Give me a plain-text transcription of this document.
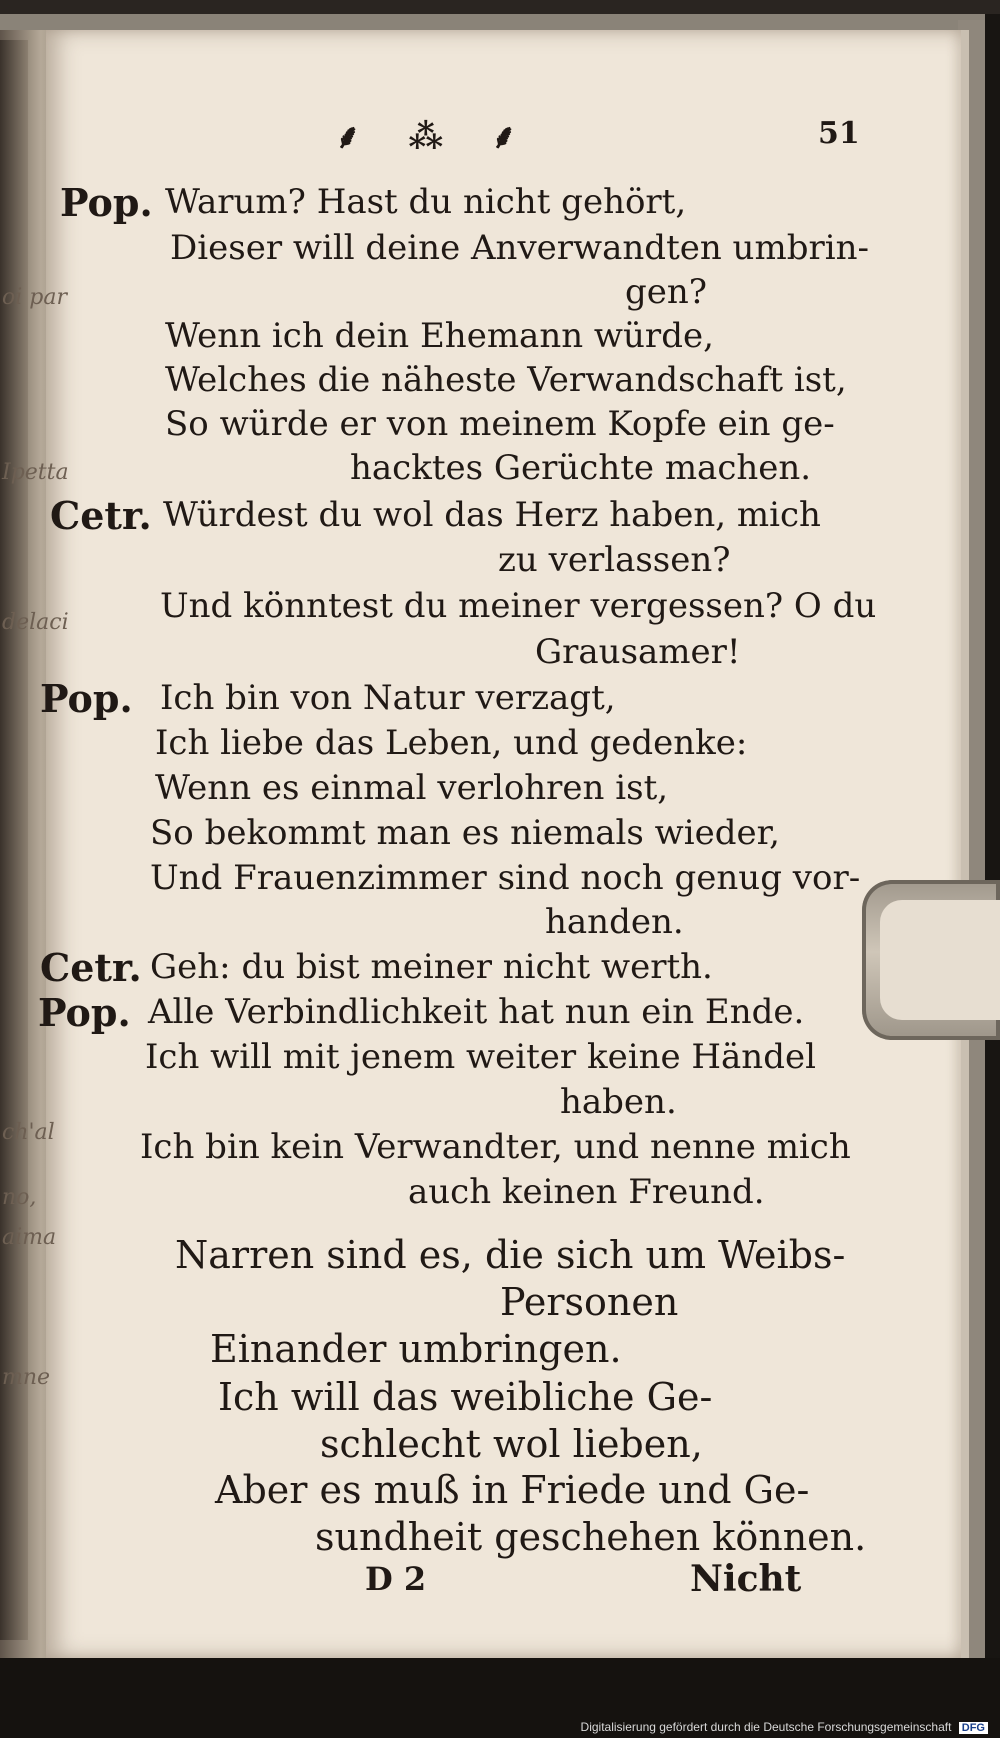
oi par
Ipetta
delaci
ch'al
no,
aima
mne
⸙ ⁂ ⸙	51
Pop. Warum? Hast du nicht gehört,
Dieser will deine Anverwandten umbrin-
gen?
Wenn ich dein Ehemann würde,
Welches die näheste Verwandschaft ist,
So würde er von meinem Kopfe ein ge-
hacktes Gerüchte machen.
Cetr. Würdest du wol das Herz haben, mich
zu verlassen?
Und könntest du meiner vergessen? O du
Grausamer!
Pop. Ich bin von Natur verzagt,
Ich liebe das Leben, und gedenke:
Wenn es einmal verlohren ist,
So bekommt man es niemals wieder,
Und Frauenzimmer sind noch genug vor-
handen.
Cetr. Geh: du bist meiner nicht werth.
Pop. Alle Verbindlichkeit hat nun ein Ende.
Ich will mit jenem weiter keine Händel
haben.
Ich bin kein Verwandter, und nenne mich
auch keinen Freund.
Narren sind es, die sich um Weibs-
Personen
Einander umbringen.
Ich will das weibliche Ge-
schlecht wol lieben,
Aber es muß in Friede und Ge-
sundheit geschehen können.
D 2	Nicht
Digitalisierung gefördert durch die Deutsche Forschungsgemeinschaft DFG
